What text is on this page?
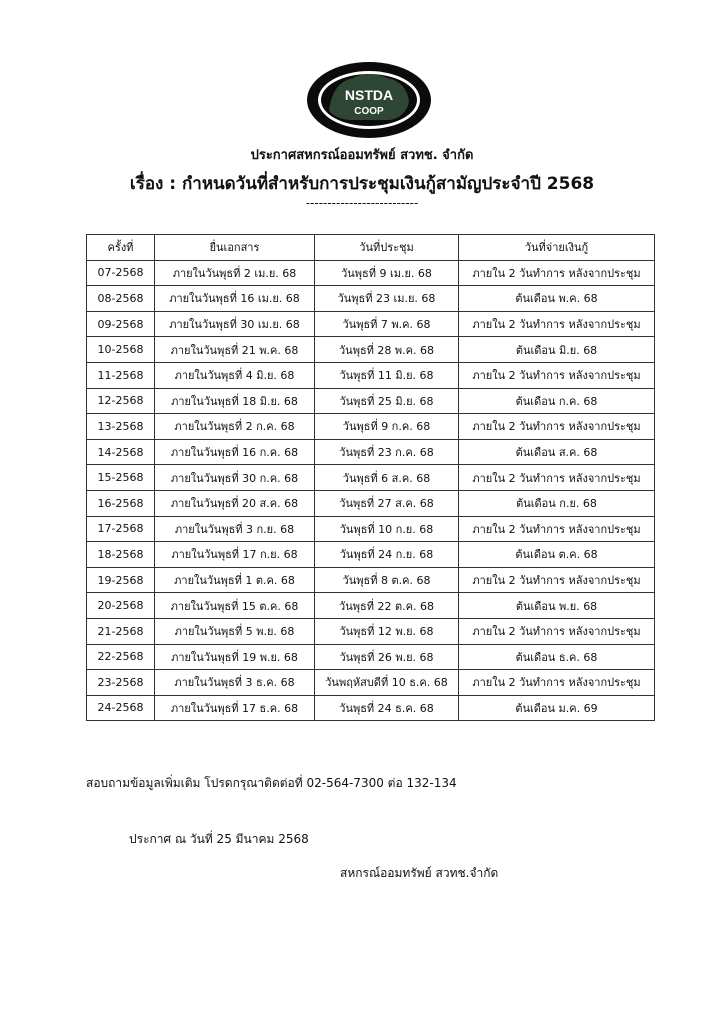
NSTDA
COOP
ประกาศสหกรณ์ออมทรัพย์ สวทช. จำกัด
เรื่อง : กำหนดวันที่สำหรับการประชุมเงินกู้สามัญประจำปี 2568
--------------------------
ครั้งที่	ยื่นเอกสาร	วันที่ประชุม	วันที่จ่ายเงินกู้
07-2568	ภายในวันพุธที่ 2 เม.ย. 68	วันพุธที่ 9 เม.ย. 68	ภายใน 2 วันทำการ หลังจากประชุม
08-2568	ภายในวันพุธที่ 16 เม.ย. 68	วันพุธที่ 23 เม.ย. 68	ต้นเดือน พ.ค. 68
09-2568	ภายในวันพุธที่ 30 เม.ย. 68	วันพุธที่ 7 พ.ค. 68	ภายใน 2 วันทำการ หลังจากประชุม
10-2568	ภายในวันพุธที่ 21 พ.ค. 68	วันพุธที่ 28 พ.ค. 68	ต้นเดือน มิ.ย. 68
11-2568	ภายในวันพุธที่ 4 มิ.ย. 68	วันพุธที่ 11 มิ.ย. 68	ภายใน 2 วันทำการ หลังจากประชุม
12-2568	ภายในวันพุธที่ 18 มิ.ย. 68	วันพุธที่ 25 มิ.ย. 68	ต้นเดือน ก.ค. 68
13-2568	ภายในวันพุธที่ 2 ก.ค. 68	วันพุธที่ 9 ก.ค. 68	ภายใน 2 วันทำการ หลังจากประชุม
14-2568	ภายในวันพุธที่ 16 ก.ค. 68	วันพุธที่ 23 ก.ค. 68	ต้นเดือน ส.ค. 68
15-2568	ภายในวันพุธที่ 30 ก.ค. 68	วันพุธที่ 6 ส.ค. 68	ภายใน 2 วันทำการ หลังจากประชุม
16-2568	ภายในวันพุธที่ 20 ส.ค. 68	วันพุธที่ 27 ส.ค. 68	ต้นเดือน ก.ย. 68
17-2568	ภายในวันพุธที่ 3 ก.ย. 68	วันพุธที่ 10 ก.ย. 68	ภายใน 2 วันทำการ หลังจากประชุม
18-2568	ภายในวันพุธที่ 17 ก.ย. 68	วันพุธที่ 24 ก.ย. 68	ต้นเดือน ต.ค. 68
19-2568	ภายในวันพุธที่ 1 ต.ค. 68	วันพุธที่ 8 ต.ค. 68	ภายใน 2 วันทำการ หลังจากประชุม
20-2568	ภายในวันพุธที่ 15 ต.ค. 68	วันพุธที่ 22 ต.ค. 68	ต้นเดือน พ.ย. 68
21-2568	ภายในวันพุธที่ 5 พ.ย. 68	วันพุธที่ 12 พ.ย. 68	ภายใน 2 วันทำการ หลังจากประชุม
22-2568	ภายในวันพุธที่ 19 พ.ย. 68	วันพุธที่ 26 พ.ย. 68	ต้นเดือน ธ.ค. 68
23-2568	ภายในวันพุธที่ 3 ธ.ค. 68	วันพฤหัสบดีที่ 10 ธ.ค. 68	ภายใน 2 วันทำการ หลังจากประชุม
24-2568	ภายในวันพุธที่ 17 ธ.ค. 68	วันพุธที่ 24 ธ.ค. 68	ต้นเดือน ม.ค. 69
สอบถามข้อมูลเพิ่มเติม โปรดกรุณาติดต่อที่ 02-564-7300 ต่อ 132-134
ประกาศ ณ วันที่ 25 มีนาคม 2568
สหกรณ์ออมทรัพย์ สวทช.จำกัด
